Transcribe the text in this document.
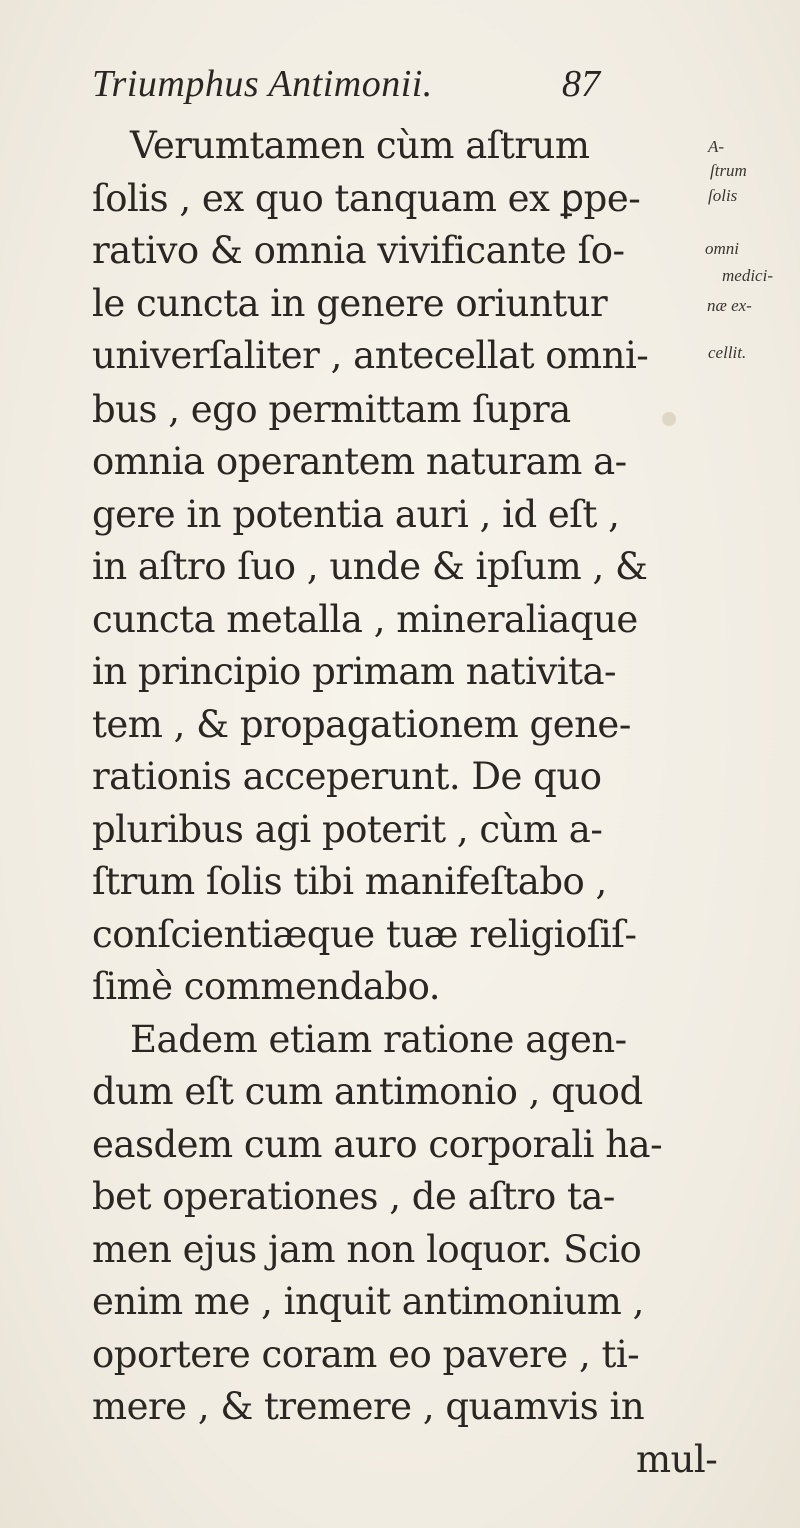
Triumphus Antimonii.	87
Verumtamen cùm aſtrum
ſolis , ex quo tanquam ex ꝑpe-
rativo & omnia vivificante ſo-
le cuncta in genere oriuntur
univerſaliter , antecellat omni-
bus , ego permittam ſupra
omnia operantem naturam a-
gere in potentia auri , id eſt ,
in aſtro ſuo , unde & ipſum , &
cuncta metalla , mineraliaque
in principio primam nativita-
tem , & propagationem gene-
rationis acceperunt. De quo
pluribus agi poterit , cùm a-
ſtrum ſolis tibi manifeſtabo ,
conſcientiæque tuæ religioſiſ-
ſimè commendabo.
Eadem etiam ratione agen-
dum eſt cum antimonio , quod
easdem cum auro corporali ha-
bet operationes , de aſtro ta-
men ejus jam non loquor. Scio
enim me , inquit antimonium ,
oportere coram eo pavere , ti-
mere , & tremere , quamvis in
mul-
A-
ſtrum
ſolis
omni
medici-
næ ex-
cellit.
